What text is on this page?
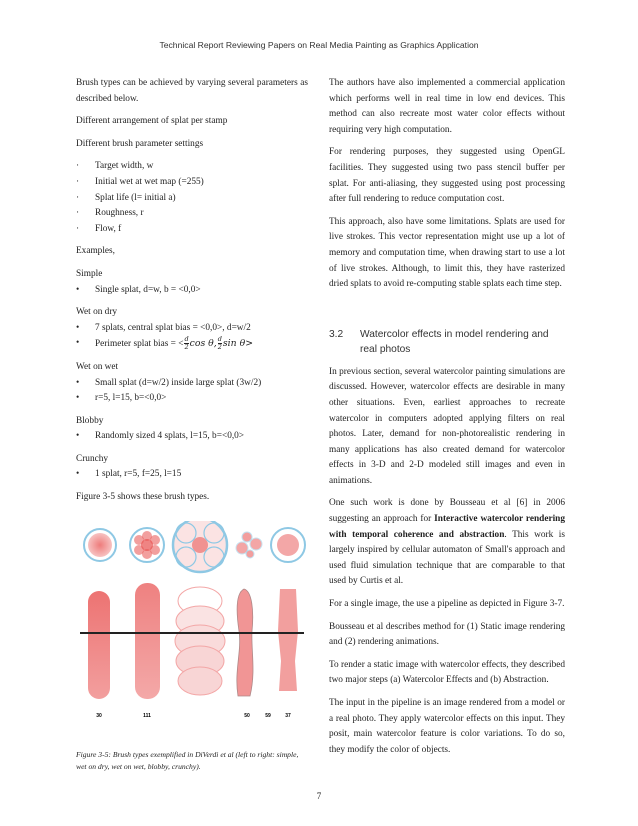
Technical Report Reviewing Papers on Real Media Painting as Graphics Application

Brush types can be achieved by varying several parameters as described below.

Different arrangement of splat per stamp

Different brush parameter settings

·	Target width, w
·	Initial wet at wet map (=255)
·	Splat life (l= initial a)
·	Roughness, r
·	Flow, f

Examples,

Simple

•	Single splat, d=w, b = <0,0>

Wet on dry

•	7 splats, central splat bias = <0,0>, d=w/2
•	Perimeter splat bias = < $\frac{d}{2}$ cos θ, $\frac{d}{2}$ sin θ>

Wet on wet

•	Small splat (d=w/2) inside large splat (3w/2)
•	r=5, l=15, b=<0,0>

Blobby

•	Randomly sized 4 splats, l=15, b=<0,0>

Crunchy

•	1 splat, r=5, f=25, l=15

Figure 3-5 shows these brush types.

30	111	50	59	37
Figure 3-5: Brush types exemplified in DiVerdi et al (left to right: simple, wet on dry, wet on wet, blobby, crunchy).

The authors have also implemented a commercial application which performs well in real time in low end devices. This method can also recreate most water color effects without requiring very high computation.

For rendering purposes, they suggested using OpenGL facilities. They suggested using two pass stencil buffer per splat. For anti-aliasing, they suggested using post processing after full rendering to reduce computation cost.

This approach, also have some limitations. Splats are used for live strokes. This vector representation might use up a lot of memory and computation time, when drawing start to use a lot of live strokes. Although, to limit this, they have rasterized dried splats to avoid re-computing stable splats each time step.

3.2	Watercolor effects in model rendering and real photos

In previous section, several watercolor painting simulations are discussed. However, watercolor effects are desirable in many other situations. Even, earliest approaches to recreate watercolor in computers adopted applying filters on real photos. Later, demand for non-photorealistic rendering in many applications has also created demand for watercolor effects in 3-D and 2-D modeled still images and even in animations.

One such work is done by Bousseau et al [6] in 2006 suggesting an approach for Interactive watercolor rendering with temporal coherence and abstraction. This work is largely inspired by cellular automaton of Small's approach and used fluid simulation technique that are comparable to that used by Curtis et al.

For a single image, the use a pipeline as depicted in Figure 3-7.

Bousseau et al describes method for (1) Static image rendering and (2) rendering animations.

To render a static image with watercolor effects, they described two major steps (a) Watercolor Effects and (b) Abstraction.

The input in the pipeline is an image rendered from a model or a real photo. They apply watercolor effects on this input. They posit, main watercolor feature is color variations. To do so, they modify the color of objects.

7
